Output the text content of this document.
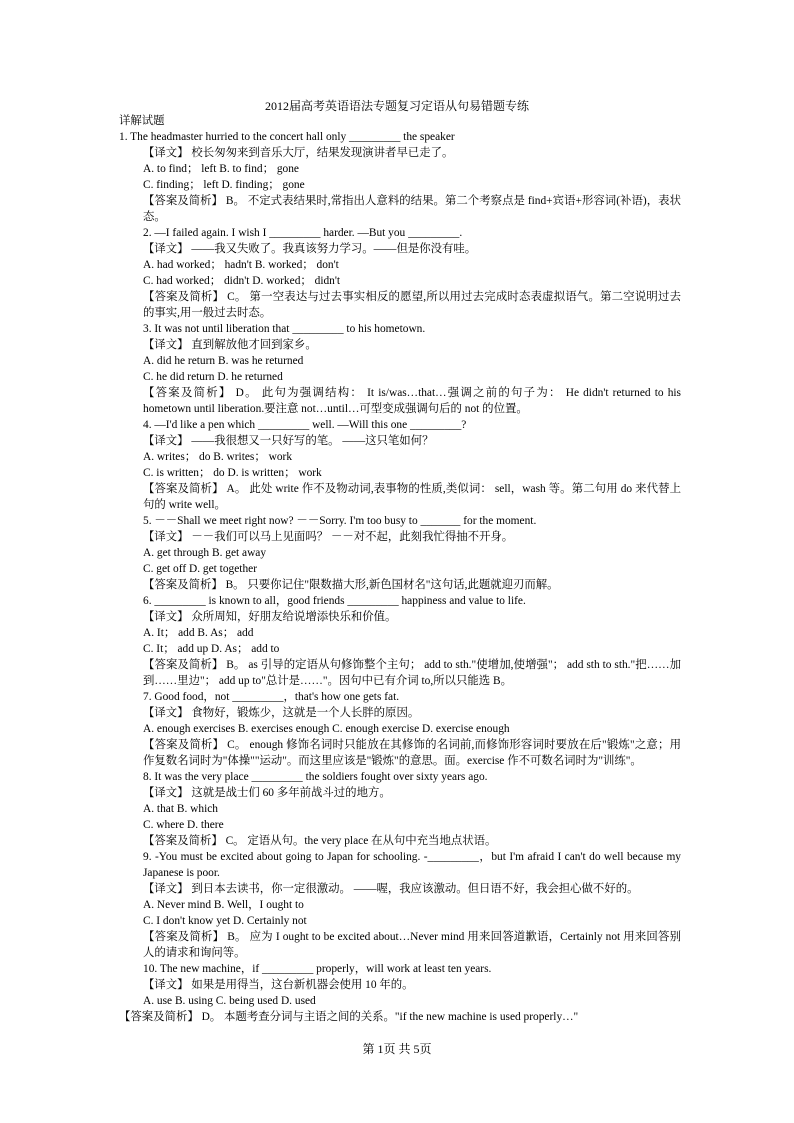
2012届高考英语语法专题复习定语从句易错题专练
详解试题
1. The headmaster hurried to the concert hall only _________ the speaker
【译文】 校长匆匆来到音乐大厅，结果发现演讲者早已走了。
A. to find； left B. to find； gone
C. finding； left D. finding； gone
【答案及简析】 B。 不定式表结果时,常指出人意料的结果。第二个考察点是 find+宾语+形容词(补语)，表状态。
2. —I failed again. I wish I _________ harder. —But you _________.
【译文】 ——我又失败了。我真该努力学习。——但是你没有哇。
A. had worked； hadn't B. worked； don't
C. had worked； didn't D. worked； didn't
【答案及简析】 C。 第一空表达与过去事实相反的愿望,所以用过去完成时态表虚拟语气。第二空说明过去的事实,用一般过去时态。
3. It was not until liberation that _________ to his hometown.
【译文】 直到解放他才回到家乡。
A. did he return B. was he returned
C. he did return D. he returned
【答案及简析】 D。 此句为强调结构： It is/was…that…强调之前的句子为： He didn't returned to his hometown until liberation.要注意 not…until…可型变成强调句后的 not 的位置。
4. —I'd like a pen which _________ well. —Will this one _________?
【译文】 ——我很想又一只好写的笔。 ——这只笔如何？
A. writes； do B. writes； work
C. is written； do D. is written； work
【答案及简析】 A。 此处 write 作不及物动词,表事物的性质,类似词： sell，wash 等。第二句用 do 来代替上句的 write well。
5. －－Shall we meet right now? －－Sorry. I'm too busy to _______ for the moment.
【译文】 －－我们可以马上见面吗？ －－对不起，此刻我忙得抽不开身。
A. get through B. get away
C. get off D. get together
【答案及简析】 B。 只要你记住"限数描大形,新色国材名"这句话,此题就迎刃而解。
6. _________ is known to all，good friends _________ happiness and value to life.
【译文】 众所周知，好朋友给说增添快乐和价值。
A. It； add B. As； add
C. It； add up D. As； add to
【答案及简析】 B。 as 引导的定语从句修饰整个主句； add to sth."使增加,使增强"； add sth to sth."把……加到……里边"； add up to"总计是……"。因句中已有介词 to,所以只能选 B。
7. Good food，not _________，that's how one gets fat.
【译文】 食物好，锻炼少，这就是一个人长胖的原因。
A. enough exercises B. exercises enough C. enough exercise D. exercise enough
【答案及简析】 C。 enough 修饰名词时只能放在其修饰的名词前,而修饰形容词时要放在后"锻炼"之意；用作复数名词时为"体操""运动"。而这里应该是"锻炼"的意思。面。exercise 作不可数名词时为"训练"。
8. It was the very place _________ the soldiers fought over sixty years ago.
【译文】 这就是战士们 60 多年前战斗过的地方。
A. that B. which
C. where D. there
【答案及简析】 C。 定语从句。the very place 在从句中充当地点状语。
9. -You must be excited about going to Japan for schooling. -_________，but I'm afraid I can't do well because my Japanese is poor.
【译文】 到日本去读书，你一定很激动。 ——喔，我应该激动。但日语不好，我会担心做不好的。
A. Never mind B. Well，I ought to
C. I don't know yet D. Certainly not
【答案及简析】 B。 应为 I ought to be excited about…Never mind 用来回答道歉语，Certainly not 用来回答别人的请求和询问等。
10. The new machine，if _________ properly，will work at least ten years.
【译文】 如果是用得当，这台新机器会使用 10 年的。
A. use B. using C. being used D. used
【答案及简析】 D。 本题考查分词与主语之间的关系。"if the new machine is used properly…"
第 1页 共 5页
